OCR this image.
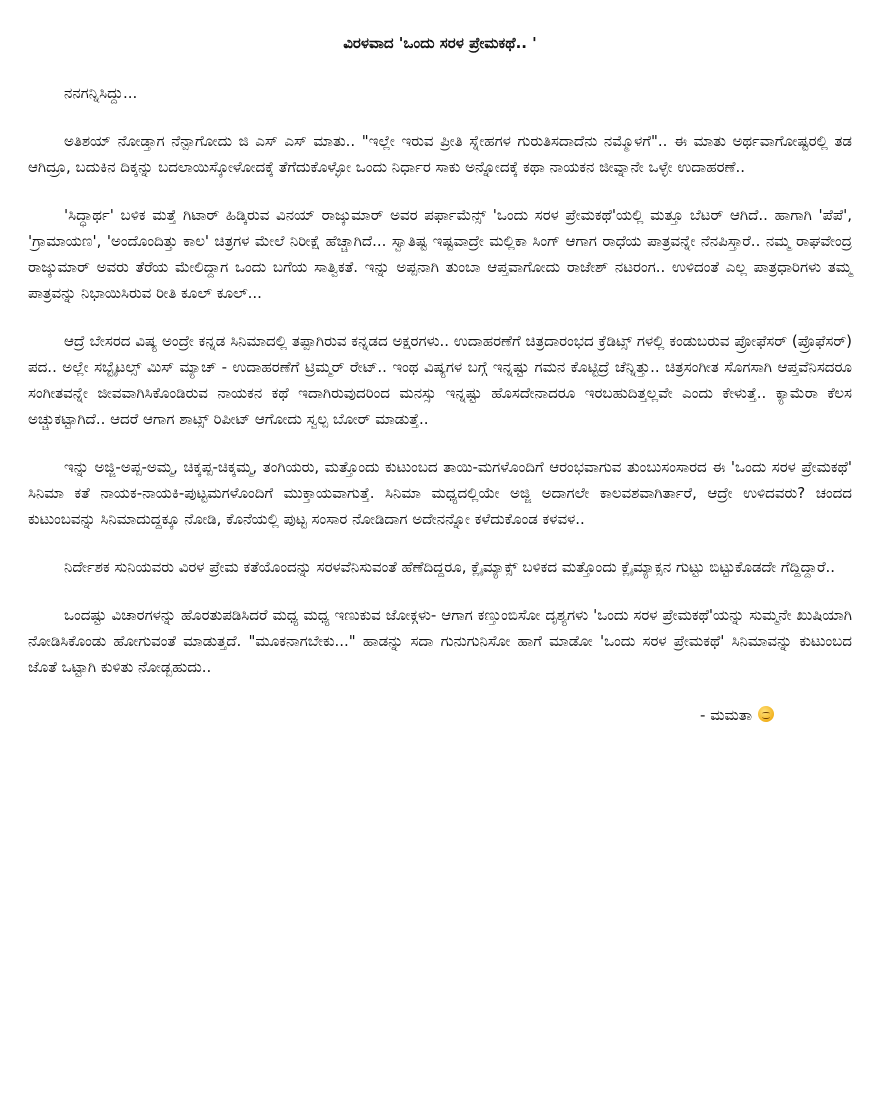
ವಿರಳವಾದ 'ಒಂದು ಸರಳ ಪ್ರೇಮಕಥೆ.. '
ನನಗನ್ನಿಸಿದ್ದು...

ಅತಿಶಯ್ ನೋಡ್ತಾಗ ನೆನ್ಪಾಗೋದು ಜಿ ಎಸ್ ಎಸ್ ಮಾತು.. "ಇಲ್ಲೇ ಇರುವ ಪ್ರೀತಿ ಸ್ನೇಹಗಳ ಗುರುತಿಸದಾದೆನು ನಮ್ಮೊಳಗೆ".. ಈ ಮಾತು ಅರ್ಥವಾಗೋಷ್ಟರಲ್ಲಿ ತಡ ಆಗಿದ್ರೂ, ಬದುಕಿನ ದಿಕ್ಕನ್ನು ಬದಲಾಯಿಸ್ಕೋಳೋದಕ್ಕೆ ತೆಗೆದುಕೊಳ್ಳೋ ಒಂದು ನಿರ್ಧಾರ ಸಾಕು ಅನ್ನೋದಕ್ಕೆ ಕಥಾ ನಾಯಕನ ಜೀವ್ನಾನೇ ಒಳ್ಳೇ ಉದಾಹರಣೆ..

'ಸಿದ್ಧಾರ್ಥ' ಬಳಿಕ ಮತ್ತೆ ಗಿಟಾರ್ ಹಿಡ್ಕಿರುವ ವಿನಯ್ ರಾಜ್ಕುಮಾರ್ ಅವರ ಪರ್ಫಾಮೆನ್ಸ್ 'ಒಂದು ಸರಳ ಪ್ರೇಮಕಥೆ'ಯಲ್ಲಿ ಮತ್ತೂ ಬೆಟರ್ ಆಗಿದೆ.. ಹಾಗಾಗಿ 'ಪೆಪೆ', 'ಗ್ರಾಮಾಯಣ', 'ಅಂದೊಂದಿತ್ತು ಕಾಲ' ಚಿತ್ರಗಳ ಮೇಲೆ ನಿರೀಕ್ಷೆ ಹೆಚ್ಚಾಗಿದೆ... ಸ್ವಾತಿಷ್ಟ ಇಷ್ಟವಾದ್ರೇ ಮಲ್ಲಿಕಾ ಸಿಂಗ್ ಆಗಾಗ ರಾಧೆಯ ಪಾತ್ರವನ್ನೇ ನೆನಪಿಸ್ತಾರೆ.. ನಮ್ಮ ರಾಘವೇಂದ್ರ ರಾಜ್ಕುಮಾರ್ ಅವರು ತೆರೆಯ ಮೇಲಿದ್ದಾಗ ಒಂದು ಬಗೆಯ ಸಾತ್ವಿಕತೆ. ಇನ್ನು ಅಪ್ಪನಾಗಿ ತುಂಬಾ ಆಪ್ತವಾಗೋದು ರಾಜೇಶ್ ನಟರಂಗ.. ಉಳಿದಂತೆ ಎಲ್ಲ ಪಾತ್ರಧಾರಿಗಳು ತಮ್ಮ ಪಾತ್ರವನ್ನು ನಿಭಾಯಿಸಿರುವ ರೀತಿ ಕೂಲ್ ಕೂಲ್...

ಆದ್ರೆ ಬೇಸರದ ವಿಷ್ಯ ಅಂದ್ರೇ ಕನ್ನಡ ಸಿನಿಮಾದಲ್ಲಿ ತಪ್ಪಾಗಿರುವ ಕನ್ನಡದ ಅಕ್ಷರಗಳು.. ಉದಾಹರಣೆಗೆ ಚಿತ್ರದಾರಂಭದ ಕ್ರೆಡಿಟ್ಸ್ ಗಳಲ್ಲಿ ಕಂಡುಬರುವ ಪ್ರೋಫೆಸರ್ (ಪ್ರೊಫೆಸರ್) ಪದ.. ಅಲ್ಲೇ ಸಬ್ಟೈಟಲ್ಸ್ ಮಿಸ್ ಮ್ಯಾಚ್ - ಉದಾಹರಣೆಗೆ ಟ್ರಿಮ್ಮರ್ ರೇಟ್.. ಇಂಥ ವಿಷ್ಯಗಳ ಬಗ್ಗೆ ಇನ್ನಷ್ಟು ಗಮನ ಕೊಟ್ಟಿದ್ರೆ ಚೆನ್ನಿತ್ತು.. ಚಿತ್ರಸಂಗೀತ ಸೊಗಸಾಗಿ ಆಪ್ತವೆನಿಸದರೂ ಸಂಗೀತವನ್ನೇ ಜೀವವಾಗಿಸಿಕೊಂಡಿರುವ ನಾಯಕನ ಕಥೆ ಇದಾಗಿರುವುದರಿಂದ ಮನಸ್ಸು ಇನ್ನಷ್ಟು ಹೊಸದೇನಾದರೂ ಇರಬಹುದಿತ್ತಲ್ಲವೇ ಎಂದು ಕೇಳುತ್ತೆ.. ಕ್ಯಾಮೆರಾ ಕೆಲಸ ಅಚ್ಚುಕಟ್ಟಾಗಿದೆ.. ಆದರೆ ಆಗಾಗ ಶಾಟ್ಸ್ ರಿಪೀಟ್ ಆಗೋದು ಸ್ವಲ್ಪ ಬೋರ್ ಮಾಡುತ್ತೆ..

ಇನ್ನು ಅಜ್ಜಿ-ಅಪ್ಪ-ಅಮ್ಮ, ಚಿಕ್ಕಪ್ಪ-ಚಿಕ್ಕಮ್ಮ, ತಂಗಿಯರು, ಮತ್ತೊಂದು ಕುಟುಂಬದ ತಾಯಿ-ಮಗಳೊಂದಿಗೆ ಆರಂಭವಾಗುವ ತುಂಬುಸಂಸಾರದ ಈ 'ಒಂದು ಸರಳ ಪ್ರೇಮಕಥೆ' ಸಿನಿಮಾ ಕತೆ ನಾಯಕ-ನಾಯಕಿ-ಪುಟ್ಟಮಗಳೊಂದಿಗೆ ಮುಕ್ತಾಯವಾಗುತ್ತೆ. ಸಿನಿಮಾ ಮಧ್ಯದಲ್ಲಿಯೇ ಅಜ್ಜಿ ಅದಾಗಲೇ ಕಾಲವಶವಾಗಿರ್ತಾರೆ, ಆದ್ರೇ ಉಳಿದವರು? ಚಂದದ ಕುಟುಂಬವನ್ನು ಸಿನಿಮಾದುದ್ದಕ್ಕೂ ನೋಡಿ, ಕೊನೆಯಲ್ಲಿ ಪುಟ್ಟ ಸಂಸಾರ ನೋಡಿದಾಗ ಅದೇನನ್ನೋ ಕಳೆದುಕೊಂಡ ಕಳವಳ..

ನಿರ್ದೇಶಕ ಸುನಿಯವರು ವಿರಳ ಪ್ರೇಮ ಕತೆಯೊಂದನ್ನು ಸರಳವೆನಿಸುವಂತೆ ಹೆಣೆದಿದ್ದರೂ, ಕ್ಲೈಮ್ಯಾಕ್ಸ್ ಬಳಿಕದ ಮತ್ತೊಂದು ಕ್ಲೈಮ್ಯಾಕ್ಸನ ಗುಟ್ಟು ಬಿಟ್ಟುಕೊಡದೇ ಗೆದ್ದಿದ್ದಾರೆ..

ಒಂದಷ್ಟು ವಿಚಾರಗಳನ್ನು ಹೊರತುಪಡಿಸಿದರೆ ಮಧ್ಯ ಮಧ್ಯ ಇಣುಕುವ ಜೋಕ್ಗಳು- ಆಗಾಗ ಕಣ್ತುಂಬಿಸೋ ದೃಶ್ಯಗಳು 'ಒಂದು ಸರಳ ಪ್ರೇಮಕಥೆ'ಯನ್ನು ಸುಮ್ಮನೇ ಖುಷಿಯಾಗಿ ನೋಡಿಸಿಕೊಂಡು ಹೋಗುವಂತೆ ಮಾಡುತ್ತದೆ. "ಮೂಕನಾಗಬೇಕು..." ಹಾಡನ್ನು ಸದಾ ಗುನುಗುನಿಸೋ ಹಾಗೆ ಮಾಡೋ 'ಒಂದು ಸರಳ ಪ್ರೇಮಕಥೆ' ಸಿನಿಮಾವನ್ನು ಕುಟುಂಬದ ಜೊತೆ ಒಟ್ಟಾಗಿ ಕುಳಿತು ನೋಡ್ಬಹುದು..

- ಮಮತಾ
